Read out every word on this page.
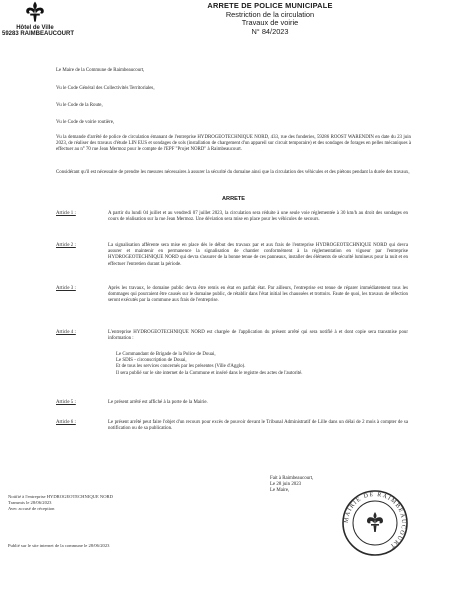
Hôtel de Ville
59283 RAIMBEAUCOURT
ARRETE DE POLICE MUNICIPALE
Restriction de la circulation
Travaux de voirie
N° 84/2023
Le Maire de la Commune de Raimbeaucourt,
Vu le Code Général des Collectivités Territoriales,
Vu le Code de la Route,
Vu le Code de voirie routière,
Vu la demande d'arrêté de police de circulation émanant de l'entreprise HYDROGEOTECHNIQUE NORD, 433, rue des fonderies, 59286 ROOST WARENDIN en date du 23 juin 2023, de réaliser des travaux d'étude LIN EUS et sondages de sols (installation de chargement d'un appareil sur circuit temporaire) et des sondages de forages en pelles mécaniques à effectuer au n° 70 rue Jean Mermoz pour le compte de l'EPF "Projet NORD" à Raimbeaucourt.
Considérant qu'il est nécessaire de prendre les mesures nécessaires à assurer la sécurité du domaine ainsi que la circulation des véhicules et des piétons pendant la durée des travaux,
ARRETE
Article 1 :	A partir du lundi 04 juillet et au vendredi 07 juillet 2023, la circulation sera réduite à une seule voie réglementée à 30 km/h au droit des sondages en cours de réalisation sur la rue Jean Mermoz. Une déviation sera mise en place pour les véhicules de secours.
Article 2 :	La signalisation afférente sera mise en place dès le début des travaux par et aux frais de l'entreprise HYDROGEOTECHNIQUE NORD qui devra assurer et maintenir en permanence la signalisation de chantier conformément à la réglementation en vigueur par l'entreprise HYDROGEOTECHNIQUE NORD qui devra s'assurer de la bonne tenue de ces panneaux, installer des éléments de sécurité lumineux pour la nuit et en effectuer l'entretien durant la période.
Article 3 :	Après les travaux, le domaine public devra être remis en état en parfait état. Par ailleurs, l'entreprise est tenue de réparer immédiatement tous les dommages qui pourraient être causés sur le domaine public, de rétablir dans l'état initial les chaussées et trottoirs. Faute de quoi, les travaux de réfection seront exécutés par la commune aux frais de l'entreprise.
Article 4 :	L'entreprise HYDROGEOTECHNIQUE NORD est chargée de l'application du présent arrêté qui sera notifié à et dont copie sera transmise pour information :
Le Commandant de Brigade de la Police de Douai,
Le SDIS - circonscription de Douai,
Et de tous les services concernés par les présentes (Ville d'Agglo).
Il sera publié sur le site internet de la Commune et inséré dans le registre des actes de l'autorité.
Article 5 :	Le présent arrêté est affiché à la porte de la Mairie.
Article 6 :	Le présent arrêté peut faire l'objet d'un recours pour excès de pouvoir devant le Tribunal Administratif de Lille dans un délai de 2 mois à compter de sa notification ou de sa publication.
Fait à Raimbeaucourt,
Le 28 juin 2023
Le Maire,
MAIRIE DE RAIMBEAUCOURT
Notifié à l'entreprise HYDROGEOTECHNIQUE NORD
Transmis le 28/06/2023
Avec accusé de réception
Publié sur le site internet de la commune le 28/06/2023
